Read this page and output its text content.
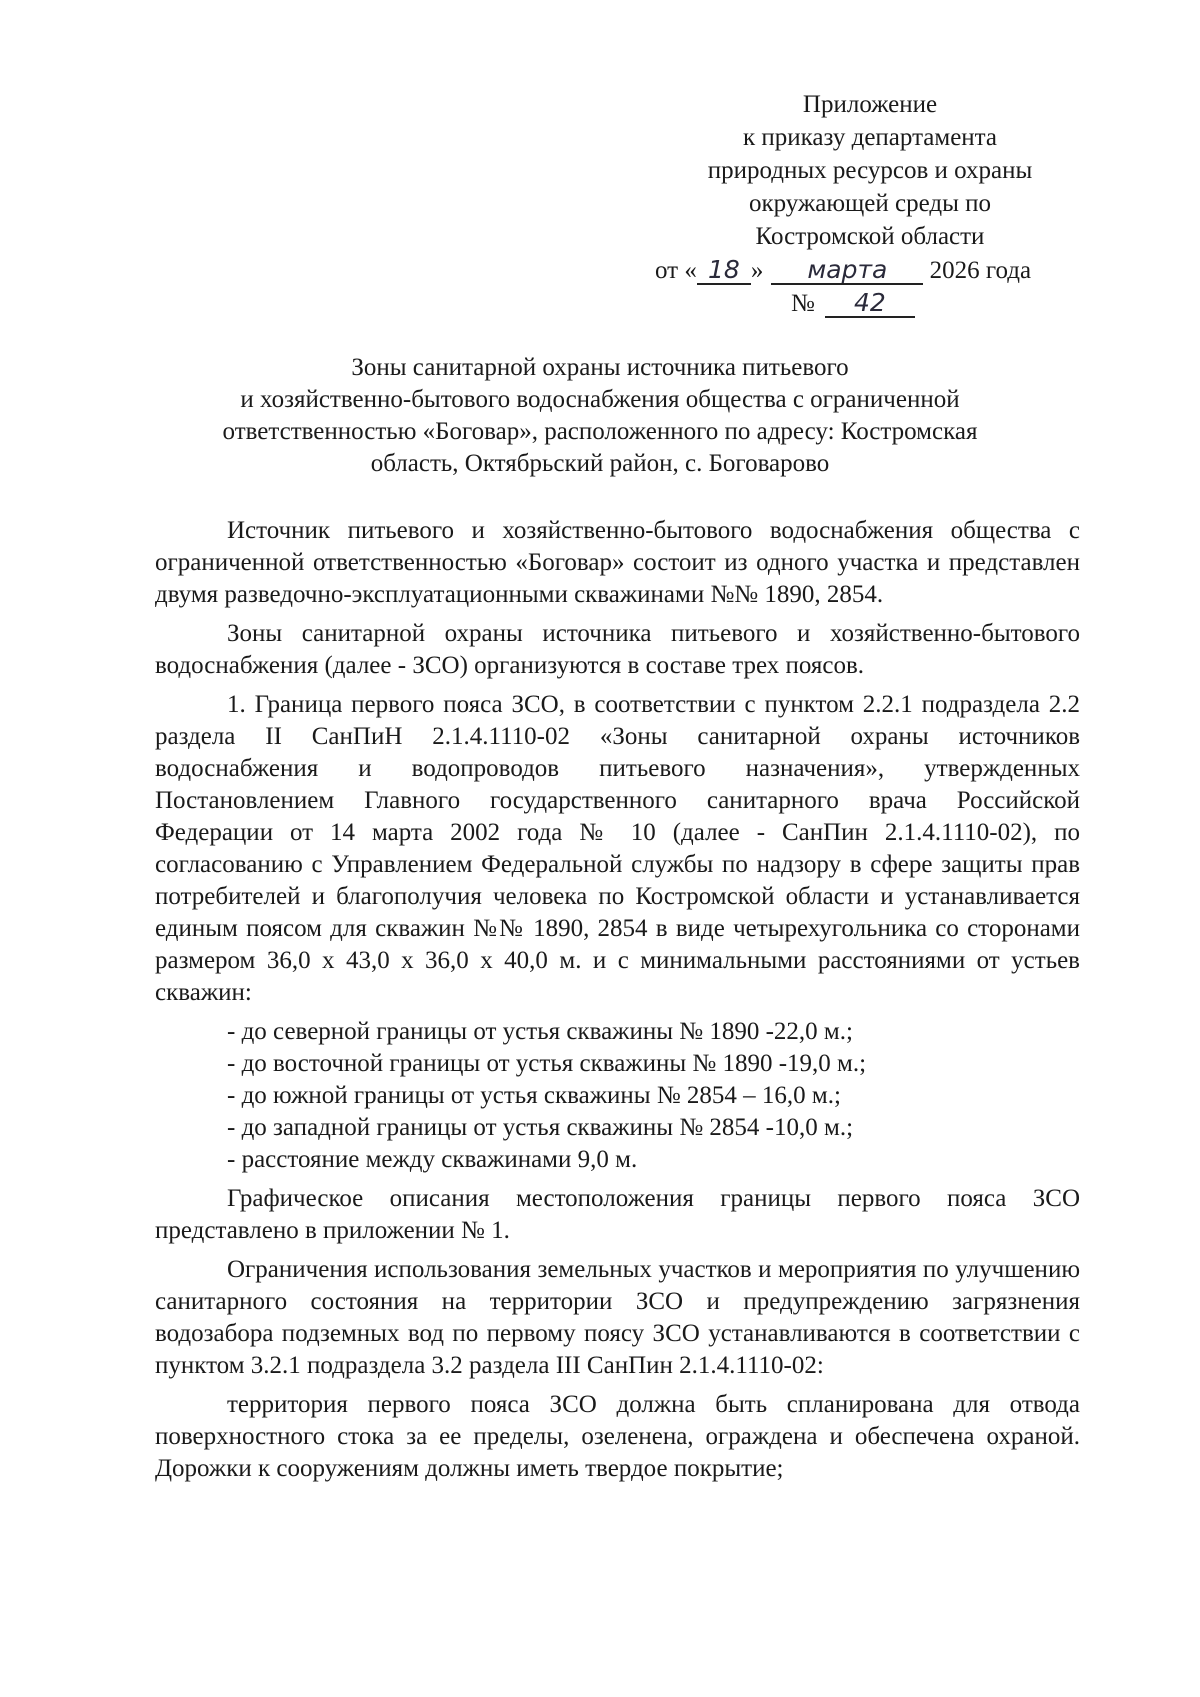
Приложение
к приказу департамента
природных ресурсов и охраны
окружающей среды по
Костромской области
от « 18 » марта 2026 года
№ 42
Зоны санитарной охраны источника питьевого
и хозяйственно-бытового водоснабжения общества с ограниченной
ответственностью «Боговар», расположенного по адресу: Костромская
область, Октябрьский район, с. Боговарово

Источник питьевого и хозяйственно-бытового водоснабжения общества с ограниченной ответственностью «Боговар» состоит из одного участка и представлен двумя разведочно-эксплуатационными скважинами №№ 1890, 2854.

Зоны санитарной охраны источника питьевого и хозяйственно-бытового водоснабжения (далее - ЗСО) организуются в составе трех поясов.

1. Граница первого пояса ЗСО, в соответствии с пунктом 2.2.1 подраздела 2.2 раздела II СанПиН 2.1.4.1110-02 «Зоны санитарной охраны источников водоснабжения и водопроводов питьевого назначения», утвержденных Постановлением Главного государственного санитарного врача Российской Федерации от 14 марта 2002 года № 10 (далее - СанПин 2.1.4.1110-02), по согласованию с Управлением Федеральной службы по надзору в сфере защиты прав потребителей и благополучия человека по Костромской области и устанавливается единым поясом для скважин №№ 1890, 2854 в виде четырехугольника со сторонами размером 36,0 х 43,0 х 36,0 х 40,0 м. и с минимальными расстояниями от устьев скважин:

- до северной границы от устья скважины № 1890 -22,0 м.;

- до восточной границы от устья скважины № 1890 -19,0 м.;

- до южной границы от устья скважины № 2854 – 16,0 м.;

- до западной границы от устья скважины № 2854 -10,0 м.;

- расстояние между скважинами 9,0 м.

Графическое описания местоположения границы первого пояса ЗСО представлено в приложении № 1.

Ограничения использования земельных участков и мероприятия по улучшению санитарного состояния на территории ЗСО и предупреждению загрязнения водозабора подземных вод по первому поясу ЗСО устанавливаются в соответствии с пунктом 3.2.1 подраздела 3.2 раздела III СанПин 2.1.4.1110-02:

территория первого пояса ЗСО должна быть спланирована для отвода поверхностного стока за ее пределы, озеленена, ограждена и обеспечена охраной. Дорожки к сооружениям должны иметь твердое покрытие;
